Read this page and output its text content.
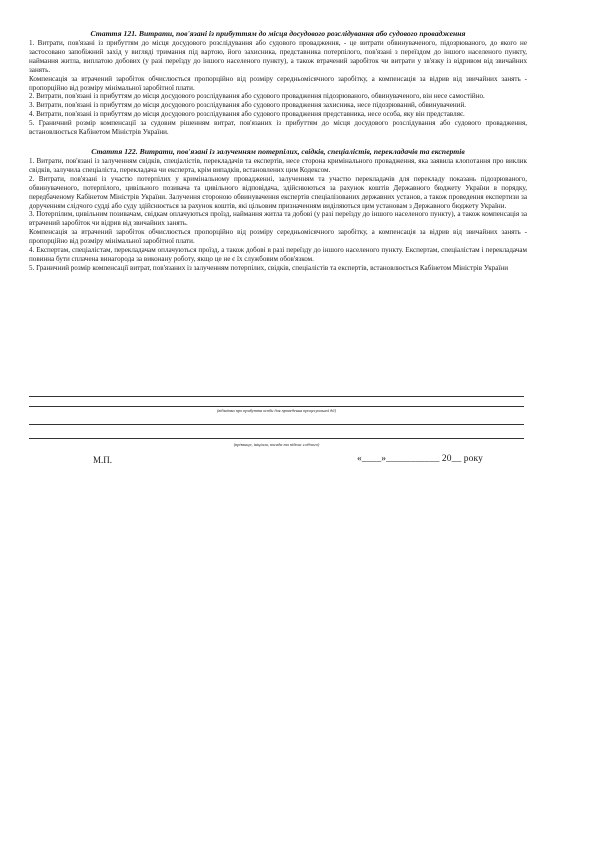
Стаття 121. Витрати, пов'язані із прибуттям до місця досудового розслідування або судового провадження

1. Витрати, пов'язані із прибуттям до місця досудового розслідування або судового провадження, - це витрати обвинуваченого, підозрюваного, до якого не застосовано запобіжний захід у вигляді тримання під вартою, його захисника, представника потерпілого, пов'язані з переїздом до іншого населеного пункту, наймання житла, виплатою добових (у разі переїзду до іншого населеного пункту), а також втрачений заробіток чи витрати у зв'язку із відривом від звичайних занять.

Компенсація за втрачений заробіток обчислюється пропорційно від розміру середньомісячного заробітку, а компенсація за відрив від звичайних занять - пропорційно від розміру мінімальної заробітної плати.

2. Витрати, пов'язані із прибуттям до місця досудового розслідування або судового провадження підозрюваного, обвинуваченого, він несе самостійно.

3. Витрати, пов'язані із прибуттям до місця досудового розслідування або судового провадження захисника, несе підозрюваний, обвинувачений.

4. Витрати, пов'язані із прибуттям до місця досудового розслідування або судового провадження представника, несе особа, яку він представляє.

5. Граничний розмір компенсації за судовим рішенням витрат, пов'язаних із прибуттям до місця досудового розслідування або судового провадження, встановлюється Кабінетом Міністрів України.

Стаття 122. Витрати, пов'язані із залученням потерпілих, свідків, спеціалістів, перекладачів та експертів

1. Витрати, пов'язані із залученням свідків, спеціалістів, перекладачів та експертів, несе сторона кримінального провадження, яка заявила клопотання про виклик свідків, залучила спеціаліста, перекладача чи експерта, крім випадків, встановлених цим Кодексом.

2. Витрати, пов'язані із участю потерпілих у кримінальному провадженні, залученням та участю перекладачів для перекладу показань підозрюваного, обвинуваченого, потерпілого, цивільного позивача та цивільного відповідача, здійснюються за рахунок коштів Державного бюджету України в порядку, передбаченому Кабінетом Міністрів України. Залучення стороною обвинувачення експертів спеціалізованих державних установ, а також проведення експертизи за дорученням слідчого судді або суду здійснюється за рахунок коштів, які цільовим призначенням виділяються цим установам з Державного бюджету України.

3. Потерпілим, цивільним позивачам, свідкам оплачуються проїзд, наймання житла та добові (у разі переїзду до іншого населеного пункту), а також компенсація за втрачений заробіток чи відрив від звичайних занять.

Компенсація за втрачений заробіток обчислюється пропорційно від розміру середньомісячного заробітку, а компенсація за відрив від звичайних занять - пропорційно від розміру мінімальної заробітної плати.

4. Експертам, спеціалістам, перекладачам оплачуються проїзд, а також добові в разі переїзду до іншого населеного пункту. Експертам, спеціалістам і перекладачам повинна бути сплачена винагорода за виконану роботу, якщо це не є їх службовим обов'язком.

5. Граничний розмір компенсації витрат, пов'язаних із залученням потерпілих, свідків, спеціалістів та експертів, встановлюється Кабінетом Міністрів України

(відмітка про прибуття особи для проведення процесуальної дії)
(прізвище, ініціали, посада та підпис слідчого)
М.П.	«____»___________ 20__ року
